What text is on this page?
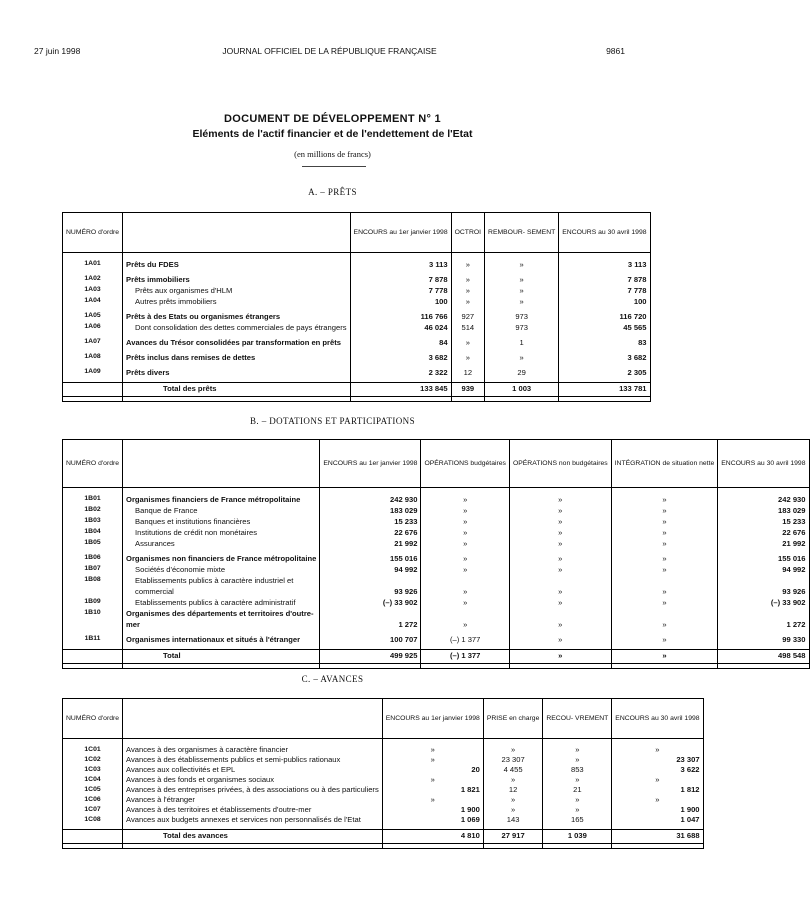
27 juin 1998	JOURNAL OFFICIEL DE LA RÉPUBLIQUE FRANÇAISE	9861
DOCUMENT DE DÉVELOPPEMENT N° 1
Eléments de l'actif financier et de l'endettement de l'Etat
(en millions de francs)
A. – PRÊTS
NUMÉRO d'ordre		ENCOURS au 1er janvier 1998	OCTROI	REMBOUR- SEMENT	ENCOURS au 30 avril 1998

1A01	Prêts du FDES	3 113	»	»	3 113

1A02	Prêts immobiliers	7 878	»	»	7 878
1A03	Prêts aux organismes d'HLM	7 778	»	»	7 778
1A04	Autres prêts immobiliers	100	»	»	100

1A05	Prêts à des Etats ou organismes étrangers	116 766	927	973	116 720
1A06	Dont consolidation des dettes commerciales de pays étrangers	46 024	514	973	45 565

1A07	Avances du Trésor consolidées par transformation en prêts	84	»	1	83

1A08	Prêts inclus dans remises de dettes	3 682	»	»	3 682

1A09	Prêts divers	2 322	12	29	2 305

	Total des prêts	133 845	939	1 003	133 781

B. – DOTATIONS ET PARTICIPATIONS
NUMÉRO d'ordre		ENCOURS au 1er janvier 1998	OPÉRATIONS budgétaires	OPÉRATIONS non budgétaires	INTÉGRATION de situation nette	ENCOURS au 30 avril 1998

1B01	Organismes financiers de France métropolitaine	242 930	»	»	»	242 930
1B02	Banque de France	183 029	»	»	»	183 029
1B03	Banques et institutions financières	15 233	»	»	»	15 233
1B04	Institutions de crédit non monétaires	22 676	»	»	»	22 676
1B05	Assurances	21 992	»	»	»	21 992

1B06	Organismes non financiers de France métropolitaine	155 016	»	»	»	155 016
1B07	Sociétés d'économie mixte	94 992	»	»	»	94 992
1B08	Etablissements publics à caractère industriel et					
	commercial	93 926	»	»	»	93 926
1B09	Etablissements publics à caractère administratif	(–) 33 902	»	»	»	(–) 33 902
1B10	Organismes des départements et territoires d'outre-					
	mer	1 272	»	»	»	1 272

1B11	Organismes internationaux et situés à l'étranger	100 707	(–) 1 377	»	»	99 330

	Total	499 925	(–) 1 377	»	»	498 548

C. – AVANCES
NUMÉRO d'ordre		ENCOURS au 1er janvier 1998	PRISE en charge	RECOU- VREMENT	ENCOURS au 30 avril 1998

1C01	Avances à des organismes à caractère financier	»	»	»	»
1C02	Avances à des établissements publics et semi-publics rationaux	»	23 307	»	23 307
1C03	Avances aux collectivités et EPL	20	4 455	853	3 622
1C04	Avances à des fonds et organismes sociaux	»	»	»	»
1C05	Avances à des entreprises privées, à des associations ou à des particuliers	1 821	12	21	1 812
1C06	Avances à l'étranger	»	»	»	»
1C07	Avances à des territoires et établissements d'outre-mer	1 900	»	»	1 900
1C08	Avances aux budgets annexes et services non personnalisés de l'Etat	1 069	143	165	1 047

	Total des avances	4 810	27 917	1 039	31 688
